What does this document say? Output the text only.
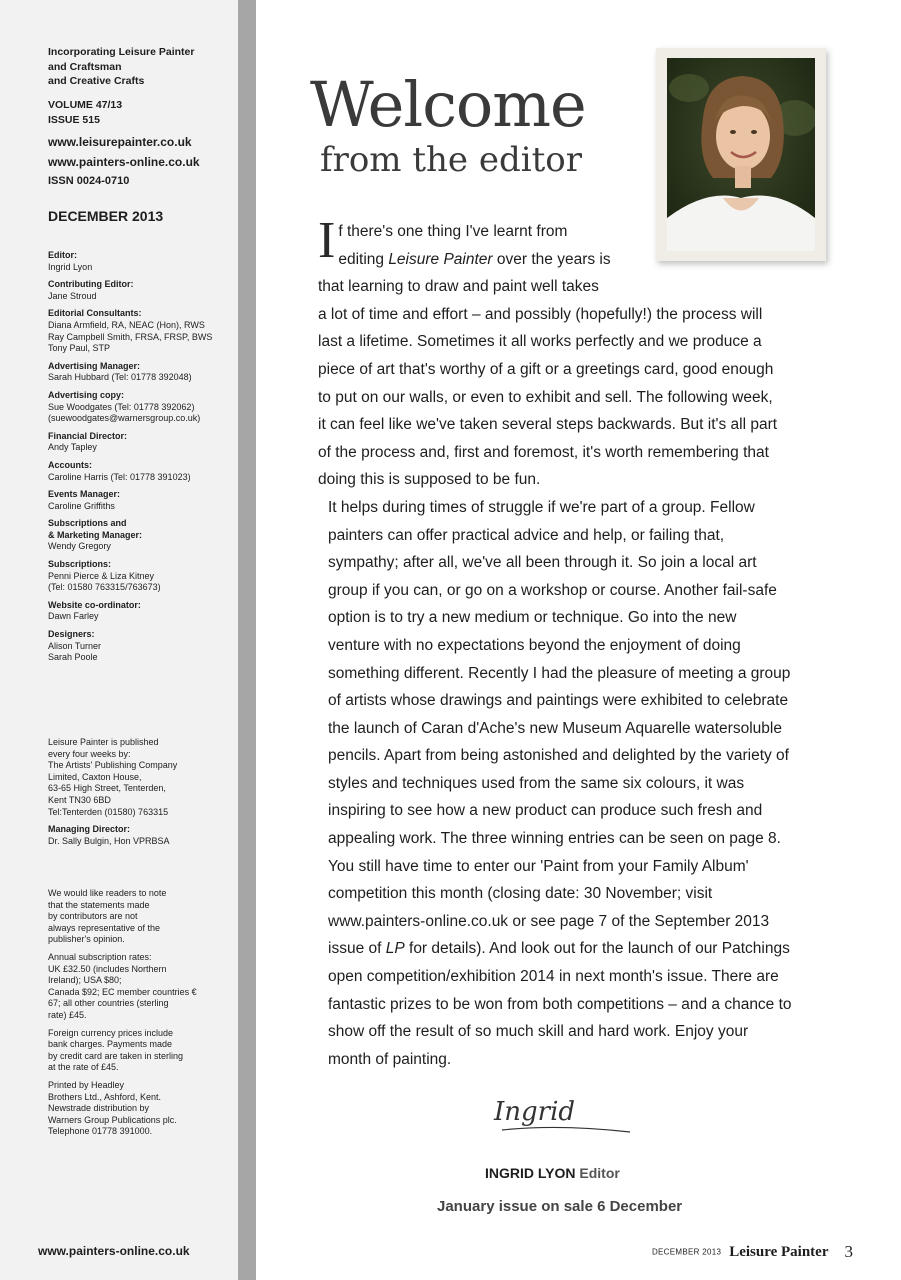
Incorporating Leisure Painter
and Craftsman
and Creative Crafts
VOLUME 47/13
ISSUE 515
www.leisurepainter.co.uk
www.painters-online.co.uk
ISSN 0024-0710
DECEMBER 2013
Editor:
Ingrid Lyon
Contributing Editor:
Jane Stroud
Editorial Consultants:
Diana Armfield, RA, NEAC (Hon), RWS
Ray Campbell Smith, FRSA, FRSP, BWS
Tony Paul, STP
Advertising Manager:
Sarah Hubbard (Tel: 01778 392048)
Advertising copy:
Sue Woodgates (Tel: 01778 392062)
(suewoodgates@warnersgroup.co.uk)
Financial Director:
Andy Tapley
Accounts:
Caroline Harris (Tel: 01778 391023)
Events Manager:
Caroline Griffiths
Subscriptions and
& Marketing Manager:
Wendy Gregory
Subscriptions:
Penni Pierce & Liza Kitney
(Tel: 01580 763315/763673)
Website co-ordinator:
Dawn Farley
Designers:
Alison Turner
Sarah Poole

Leisure Painter is published
every four weeks by:
The Artists' Publishing Company
Limited, Caxton House,
63-65 High Street, Tenterden,
Kent TN30 6BD
Tel:Tenterden (01580) 763315

Managing Director:
Dr. Sally Bulgin, Hon VPRBSA

We would like readers to note
that the statements made
by contributors are not
always representative of the
publisher's opinion.

Annual subscription rates:
UK £32.50 (includes Northern
Ireland); USA $80;
Canada $92; EC member countries €
67; all other countries (sterling
rate) £45.

Foreign currency prices include
bank charges. Payments made
by credit card are taken in sterling
at the rate of £45.

Printed by Headley
Brothers Ltd., Ashford, Kent.
Newstrade distribution by
Warners Group Publications plc.
Telephone 01778 391000.

www.painters-online.co.uk
Welcome
from the editor

I f there's one thing I've learnt from
editing Leisure Painter over the years is
that learning to draw and paint well takes
a lot of time and effort – and possibly (hopefully!) the process will
last a lifetime. Sometimes it all works perfectly and we produce a
piece of art that's worthy of a gift or a greetings card, good enough
to put on our walls, or even to exhibit and sell. The following week,
it can feel like we've taken several steps backwards. But it's all part
of the process and, first and foremost, it's worth remembering that
doing this is supposed to be fun.

It helps during times of struggle if we're part of a group. Fellow
painters can offer practical advice and help, or failing that,
sympathy; after all, we've all been through it. So join a local art
group if you can, or go on a workshop or course. Another fail-safe
option is to try a new medium or technique. Go into the new
venture with no expectations beyond the enjoyment of doing
something different. Recently I had the pleasure of meeting a group
of artists whose drawings and paintings were exhibited to celebrate
the launch of Caran d'Ache's new Museum Aquarelle watersoluble
pencils. Apart from being astonished and delighted by the variety of
styles and techniques used from the same six colours, it was
inspiring to see how a new product can produce such fresh and
appealing work. The three winning entries can be seen on page 8.

You still have time to enter our 'Paint from your Family Album'
competition this month (closing date: 30 November; visit
www.painters-online.co.uk or see page 7 of the September 2013
issue of LP for details). And look out for the launch of our Patchings
open competition/exhibition 2014 in next month's issue. There are
fantastic prizes to be won from both competitions – and a chance to
show off the result of so much skill and hard work. Enjoy your
month of painting.

Ingrid
INGRID LYON Editor
January issue on sale 6 December
DECEMBER 2013 Leisure Painter 3
